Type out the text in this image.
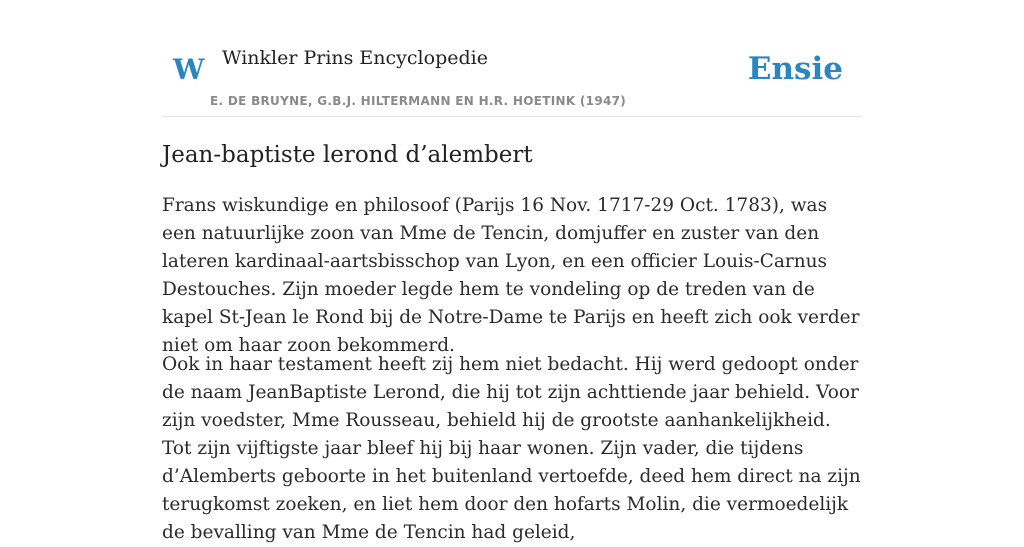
W Winkler Prins Encyclopedie
E. DE BRUYNE, G.B.J. HILTERMANN EN H.R. HOETINK (1947)
Ensie
Jean-baptiste lerond d’alembert

Frans wiskundige en philosoof (Parijs 16 Nov. 1717-29 Oct. 1783), was een natuurlijke zoon van Mme de Tencin, domjuffer en zuster van den lateren kardinaal-aartsbisschop van Lyon, en een officier Louis-Carnus Destouches. Zijn moeder legde hem te vondeling op de treden van de kapel St-Jean le Rond bij de Notre-Dame te Parijs en heeft zich ook verder niet om haar zoon bekommerd.

Ook in haar testament heeft zij hem niet bedacht. Hij werd gedoopt onder de naam JeanBaptiste Lerond, die hij tot zijn achttiende jaar behield. Voor zijn voedster, Mme Rousseau, behield hij de grootste aanhankelijkheid. Tot zijn vijftigste jaar bleef hij bij haar wonen. Zijn vader, die tijdens d’Alemberts geboorte in het buitenland vertoefde, deed hem direct na zijn terugkomst zoeken, en liet hem door den hofarts Molin, die vermoedelijk de bevalling van Mme de Tencin had geleid,
